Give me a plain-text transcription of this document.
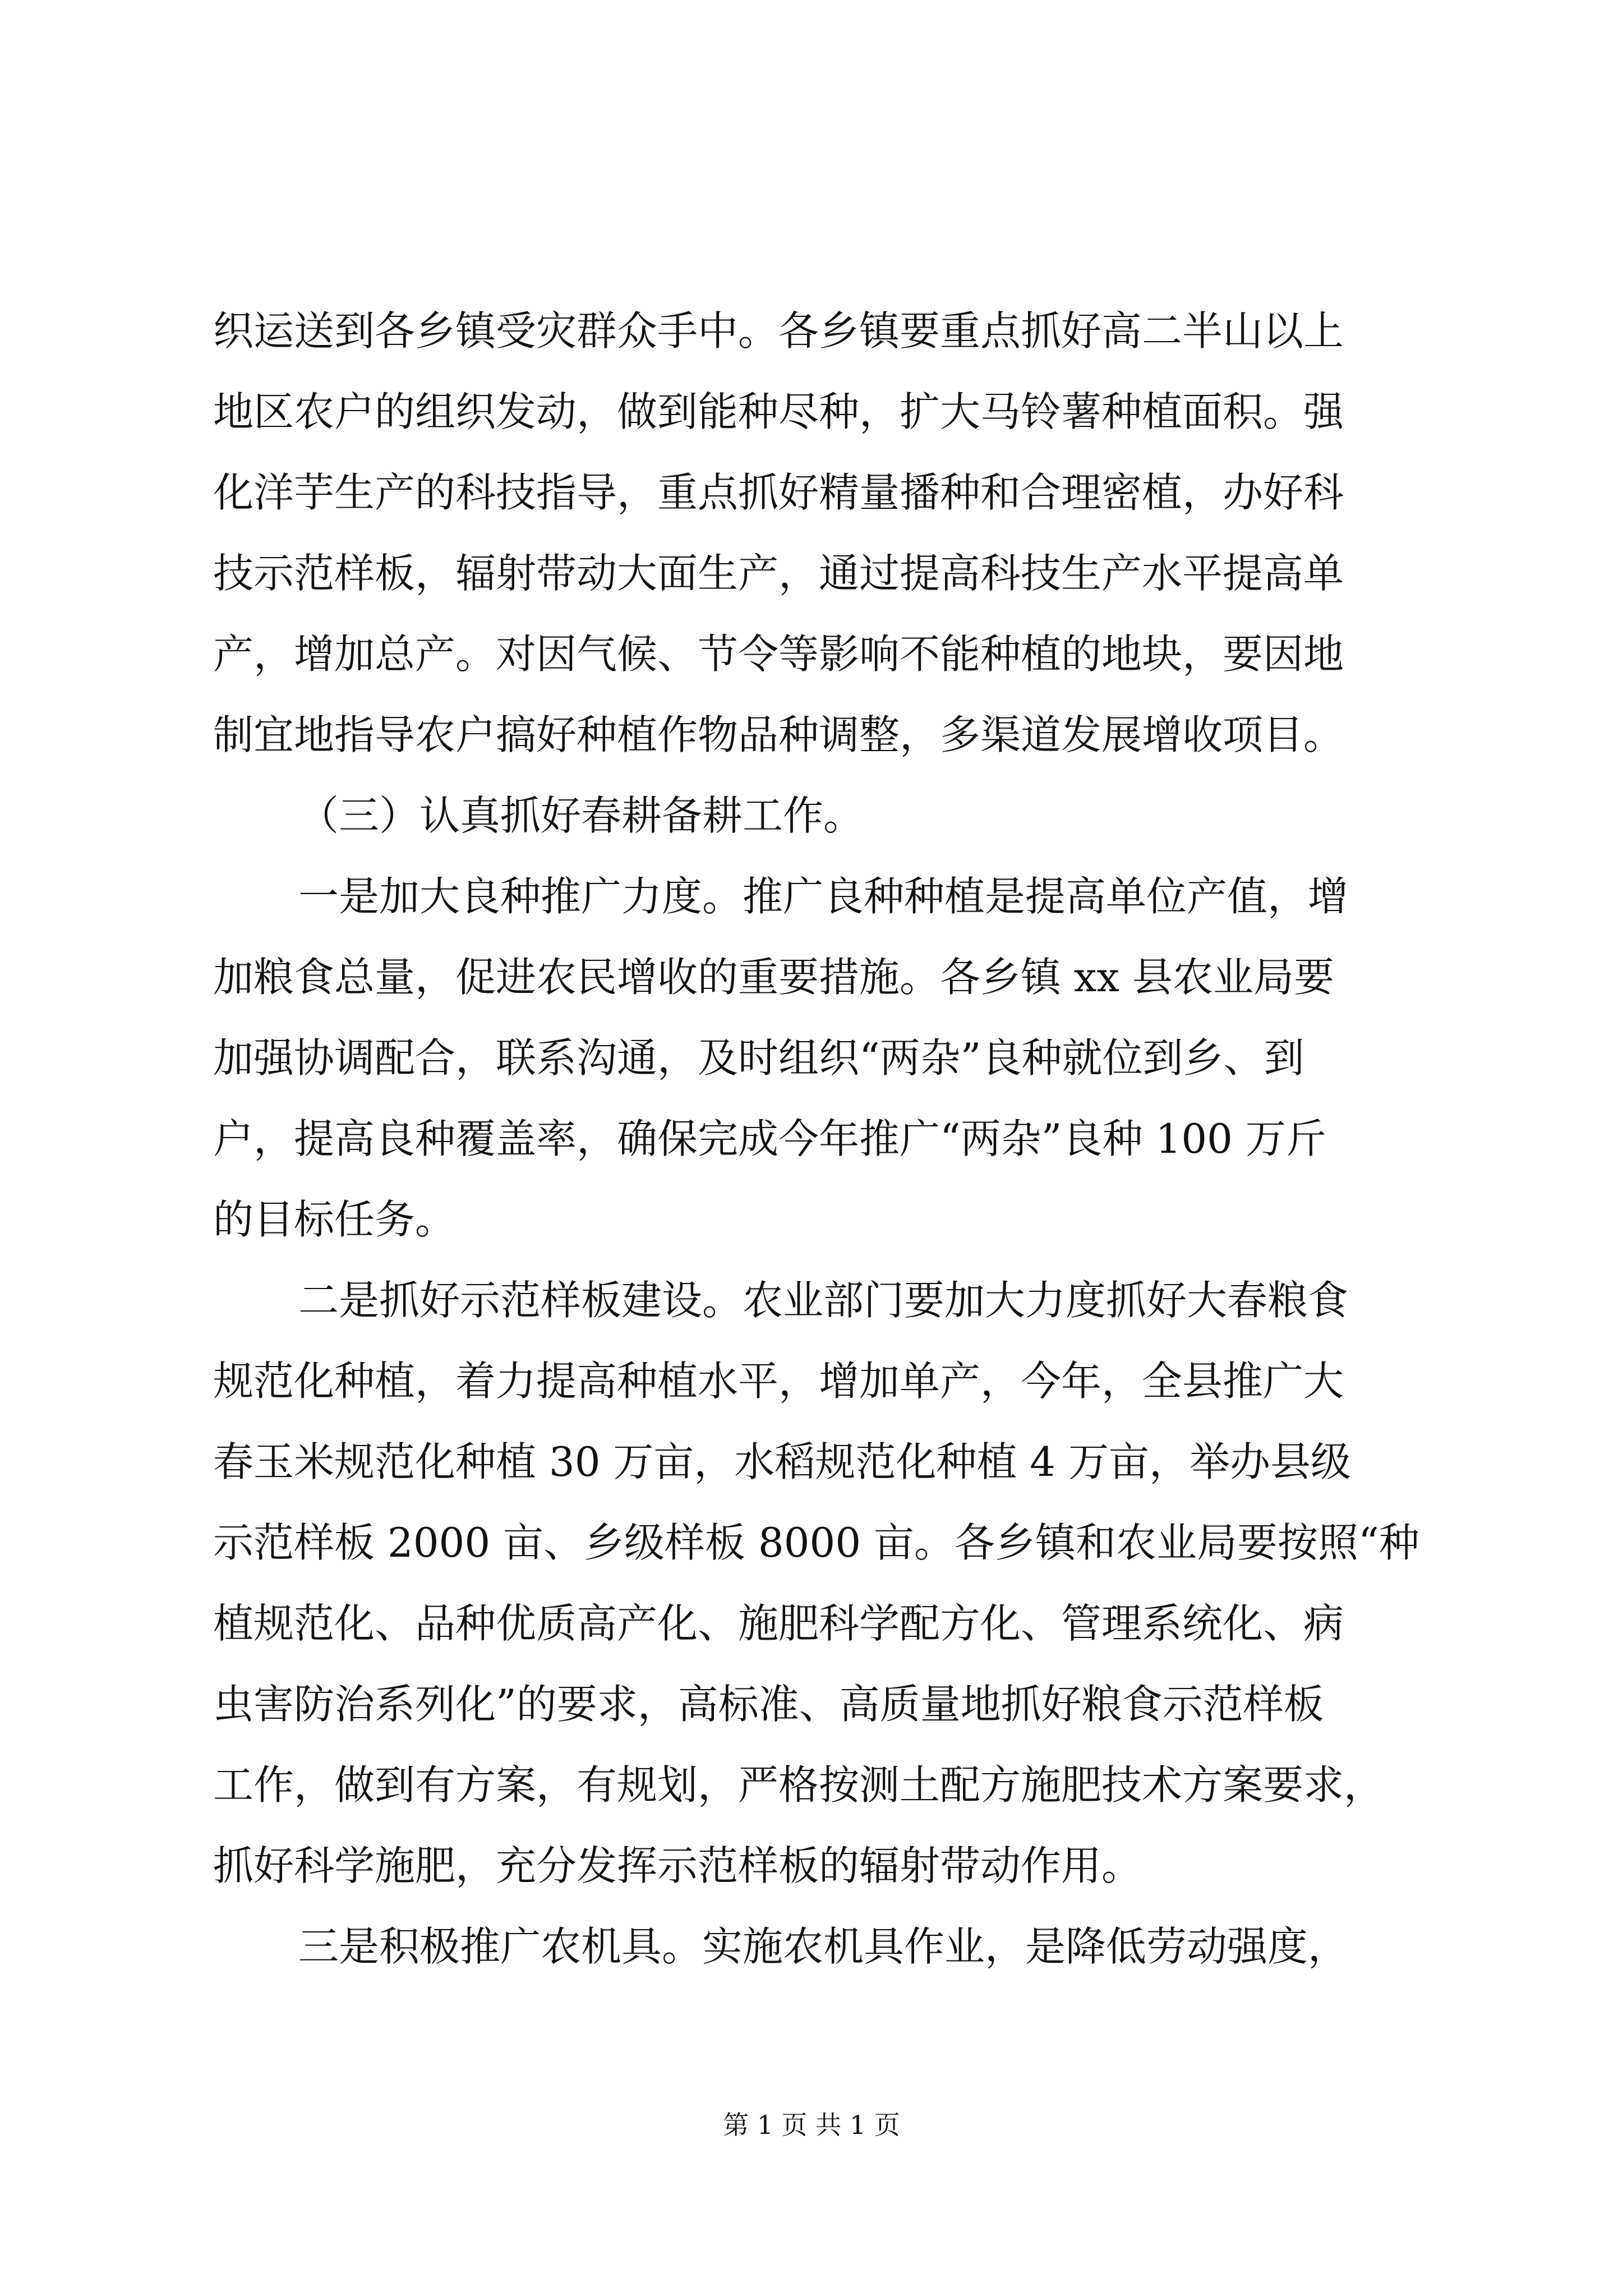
织运送到各乡镇受灾群众手中。各乡镇要重点抓好高二半山以上
地区农户的组织发动，做到能种尽种，扩大马铃薯种植面积。强
化洋芋生产的科技指导，重点抓好精量播种和合理密植，办好科
技示范样板，辐射带动大面生产，通过提高科技生产水平提高单
产，增加总产。对因气候、节令等影响不能种植的地块，要因地
制宜地指导农户搞好种植作物品种调整，多渠道发展增收项目。
（三）认真抓好春耕备耕工作。
一是加大良种推广力度。推广良种种植是提高单位产值，增
加粮食总量，促进农民增收的重要措施。各乡镇 xx 县农业局要
加强协调配合，联系沟通，及时组织“两杂”良种就位到乡、到
户，提高良种覆盖率，确保完成今年推广“两杂”良种 100 万斤
的目标任务。
二是抓好示范样板建设。农业部门要加大力度抓好大春粮食
规范化种植，着力提高种植水平，增加单产，今年，全县推广大
春玉米规范化种植 30 万亩，水稻规范化种植 4 万亩，举办县级
示范样板 2000 亩、乡级样板 8000 亩。各乡镇和农业局要按照“种
植规范化、品种优质高产化、施肥科学配方化、管理系统化、病
虫害防治系列化”的要求，高标准、高质量地抓好粮食示范样板
工作，做到有方案，有规划，严格按测土配方施肥技术方案要求，
抓好科学施肥，充分发挥示范样板的辐射带动作用。
三是积极推广农机具。实施农机具作业，是降低劳动强度，
第 1 页 共 1 页
